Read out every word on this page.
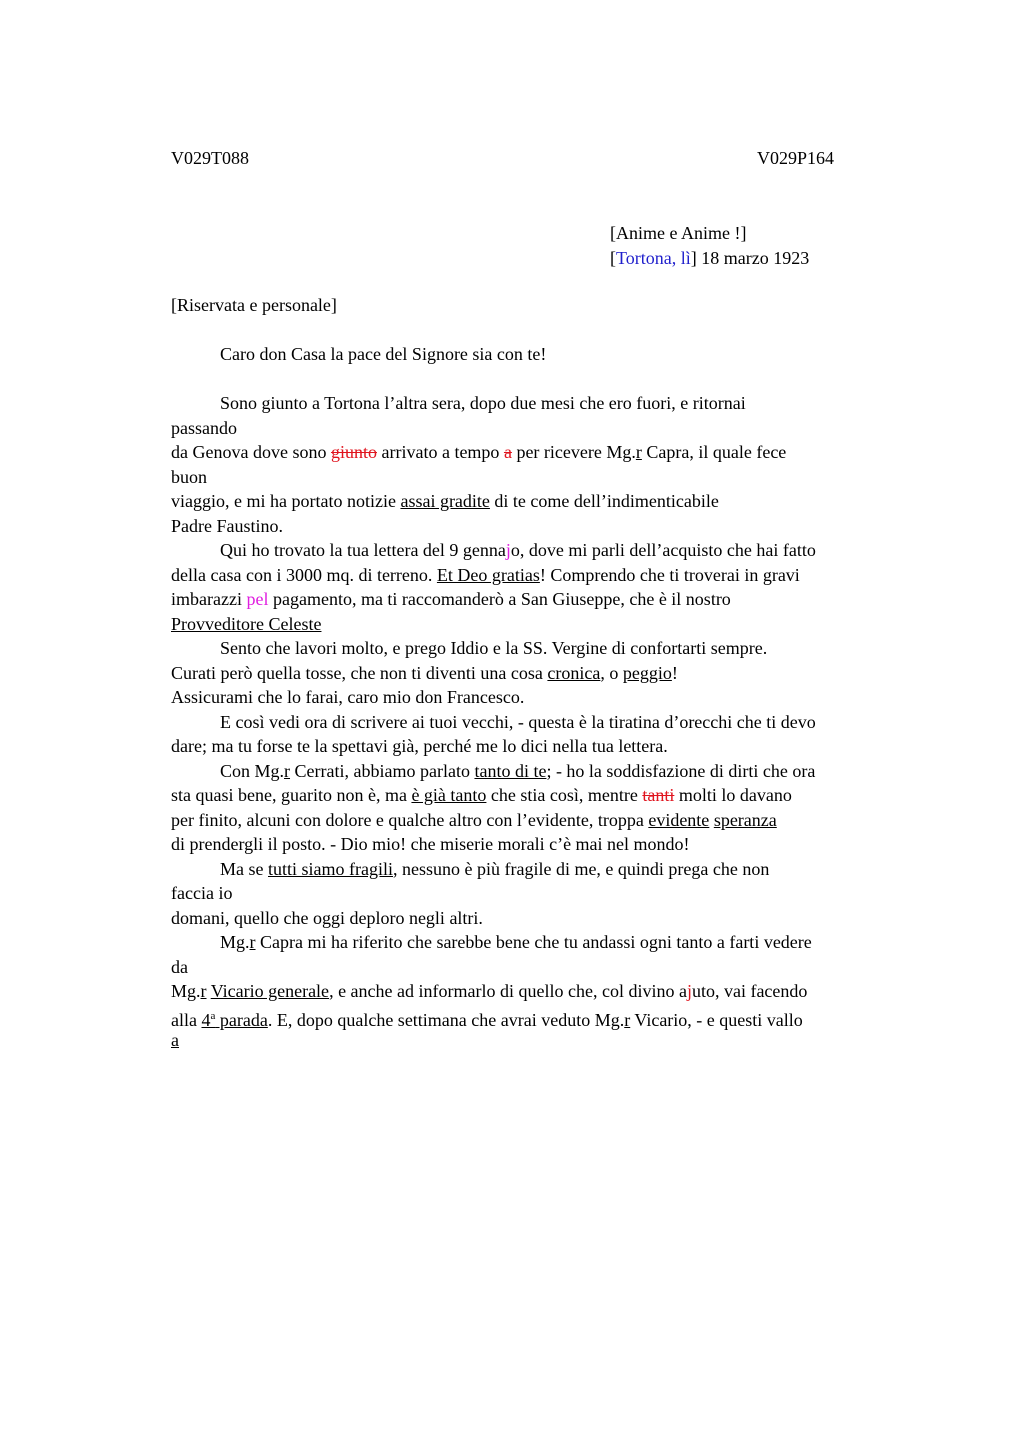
V029T088	V029P164
[Anime e Anime !]
[Tortona, lì] 18 marzo 1923
[Riservata e personale]
Caro don Casa la pace del Signore sia con te!
Sono giunto a Tortona l’altra sera, dopo due mesi che ero fuori, e ritornai
passando
da Genova dove sono giunto arrivato a tempo a per ricevere Mg.r Capra, il quale fece
buon
viaggio, e mi ha portato notizie assai gradite di te come dell’indimenticabile
Padre Faustino.
Qui ho trovato la tua lettera del 9 gennajo, dove mi parli dell’acquisto che hai fatto
della casa con i 3000 mq. di terreno. Et Deo gratias! Comprendo che ti troverai in gravi
imbarazzi pel pagamento, ma ti raccomanderò a San Giuseppe, che è il nostro
Provveditore Celeste
Sento che lavori molto, e prego Iddio e la SS. Vergine di confortarti sempre.
Curati però quella tosse, che non ti diventi una cosa cronica, o peggio!
Assicurami che lo farai, caro mio don Francesco.
E così vedi ora di scrivere ai tuoi vecchi, - questa è la tiratina d’orecchi che ti devo
dare; ma tu forse te la spettavi già, perché me lo dici nella tua lettera.
Con Mg.r Cerrati, abbiamo parlato tanto di te; - ho la soddisfazione di dirti che ora
sta quasi bene, guarito non è, ma è già tanto che stia così, mentre tanti molti lo davano
per finito, alcuni con dolore e qualche altro con l’evidente, troppa evidente speranza
di prendergli il posto. - Dio mio! che miserie morali c’è mai nel mondo!
Ma se tutti siamo fragili, nessuno è più fragile di me, e quindi prega che non
faccia io
domani, quello che oggi deploro negli altri.
Mg.r Capra mi ha riferito che sarebbe bene che tu andassi ogni tanto a farti vedere
da
Mg.r Vicario generale, e anche ad informarlo di quello che, col divino ajuto, vai facendo
alla 4$^a$ parada. E, dopo qualche settimana che avrai veduto Mg.r Vicario, - e questi vallo
a
